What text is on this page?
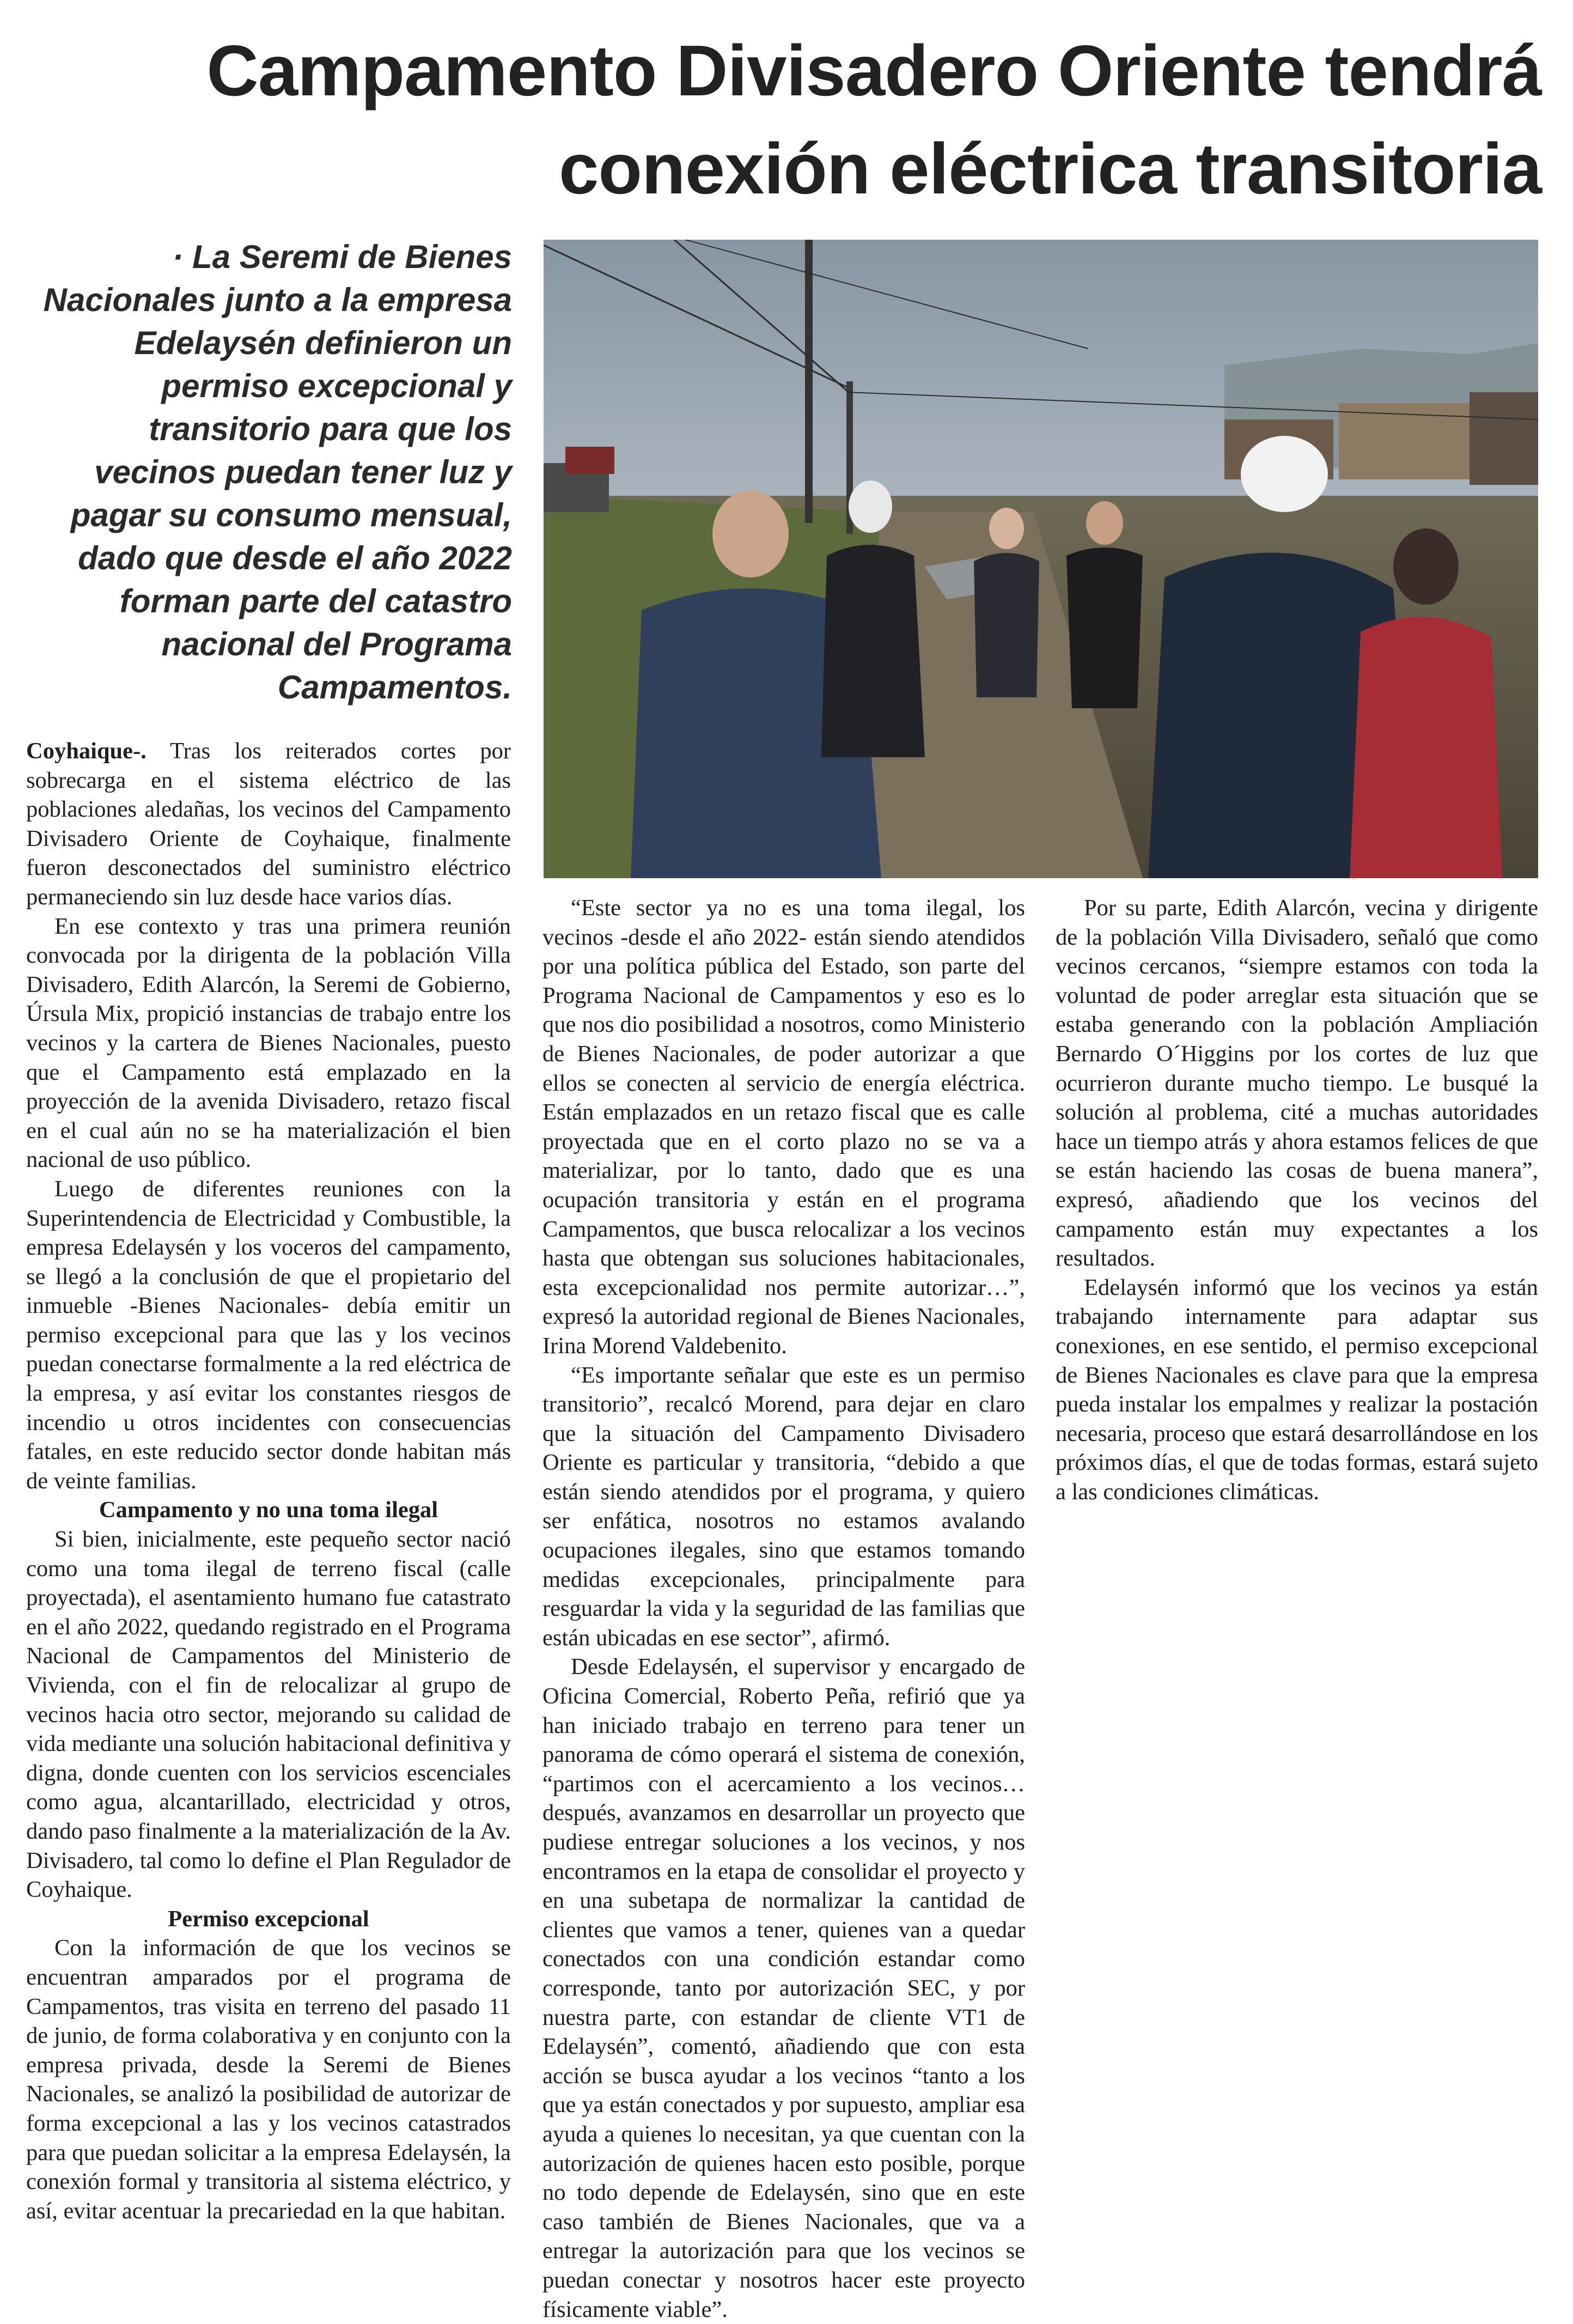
Campamento Divisadero Oriente tendrá
conexión eléctrica transitoria
· La Seremi de Bienes Nacionales junto a la empresa Edelaysén definieron un permiso excepcional y transitorio para que los vecinos puedan tener luz y pagar su consumo mensual, dado que desde el año 2022 forman parte del catastro nacional del Programa Campamentos.

Coyhaique-. Tras los reiterados cortes por sobrecarga en el sistema eléctrico de las poblaciones aledañas, los vecinos del Campamento Divisadero Oriente de Coyhaique, finalmente fueron desconectados del suministro eléctrico permaneciendo sin luz desde hace varios días.

En ese contexto y tras una primera reunión convocada por la dirigenta de la población Villa Divisadero, Edith Alarcón, la Seremi de Gobierno, Úrsula Mix, propició instancias de trabajo entre los vecinos y la cartera de Bienes Nacionales, puesto que el Campamento está emplazado en la proyección de la avenida Divisadero, retazo fiscal en el cual aún no se ha materialización el bien nacional de uso público.

Luego de diferentes reuniones con la Superintendencia de Electricidad y Combustible, la empresa Edelaysén y los voceros del campamento, se llegó a la conclusión de que el propietario del inmueble -Bienes Nacionales- debía emitir un permiso excepcional para que las y los vecinos puedan conectarse formalmente a la red eléctrica de la empresa, y así evitar los constantes riesgos de incendio u otros incidentes con consecuencias fatales, en este reducido sector donde habitan más de veinte familias.

Campamento y no una toma ilegal

Si bien, inicialmente, este pequeño sector nació como una toma ilegal de terreno fiscal (calle proyectada), el asentamiento humano fue catastrato en el año 2022, quedando registrado en el Programa Nacional de Campamentos del Ministerio de Vivienda, con el fin de relocalizar al grupo de vecinos hacia otro sector, mejorando su calidad de vida mediante una solución habitacional definitiva y digna, donde cuenten con los servicios escenciales como agua, alcantarillado, electricidad y otros, dando paso finalmente a la materialización de la Av. Divisadero, tal como lo define el Plan Regulador de Coyhaique.

Permiso excepcional

Con la información de que los vecinos se encuentran amparados por el programa de Campamentos, tras visita en terreno del pasado 11 de junio, de forma colaborativa y en conjunto con la empresa privada, desde la Seremi de Bienes Nacionales, se analizó la posibilidad de autorizar de forma excepcional a las y los vecinos catastrados para que puedan solicitar a la empresa Edelaysén, la conexión formal y transitoria al sistema eléctrico, y así, evitar acentuar la precariedad en la que habitan.

“Este sector ya no es una toma ilegal, los vecinos -desde el año 2022- están siendo atendidos por una política pública del Estado, son parte del Programa Nacional de Campamentos y eso es lo que nos dio posibilidad a nosotros, como Ministerio de Bienes Nacionales, de poder autorizar a que ellos se conecten al servicio de energía eléctrica. Están emplazados en un retazo fiscal que es calle proyectada que en el corto plazo no se va a materializar, por lo tanto, dado que es una ocupación transitoria y están en el programa Campamentos, que busca relocalizar a los vecinos hasta que obtengan sus soluciones habitacionales, esta excepcionalidad nos permite autorizar…”, expresó la autoridad regional de Bienes Nacionales, Irina Morend Valdebenito.

“Es importante señalar que este es un permiso transitorio”, recalcó Morend, para dejar en claro que la situación del Campamento Divisadero Oriente es particular y transitoria, “debido a que están siendo atendidos por el programa, y quiero ser enfática, nosotros no estamos avalando ocupaciones ilegales, sino que estamos tomando medidas excepcionales, principalmente para resguardar la vida y la seguridad de las familias que están ubicadas en ese sector”, afirmó.

Desde Edelaysén, el supervisor y encargado de Oficina Comercial, Roberto Peña, refirió que ya han iniciado trabajo en terreno para tener un panorama de cómo operará el sistema de conexión, “partimos con el acercamiento a los vecinos…después, avanzamos en desarrollar un proyecto que pudiese entregar soluciones a los vecinos, y nos encontramos en la etapa de consolidar el proyecto y en una subetapa de normalizar la cantidad de clientes que vamos a tener, quienes van a quedar conectados con una condición estandar como corresponde, tanto por autorización SEC, y por nuestra parte, con estandar de cliente VT1 de Edelaysén”, comentó, añadiendo que con esta acción se busca ayudar a los vecinos “tanto a los que ya están conectados y por supuesto, ampliar esa ayuda a quienes lo necesitan, ya que cuentan con la autorización de quienes hacen esto posible, porque no todo depende de Edelaysén, sino que en este caso también de Bienes Nacionales, que va a entregar la autorización para que los vecinos se puedan conectar y nosotros hacer este proyecto físicamente viable”.

Por su parte, Edith Alarcón, vecina y dirigente de la población Villa Divisadero, señaló que como vecinos cercanos, “siempre estamos con toda la voluntad de poder arreglar esta situación que se estaba generando con la población Ampliación Bernardo O´Higgins por los cortes de luz que ocurrieron durante mucho tiempo. Le busqué la solución al problema, cité a muchas autoridades hace un tiempo atrás y ahora estamos felices de que se están haciendo las cosas de buena manera”, expresó, añadiendo que los vecinos del campamento están muy expectantes a los resultados.

Edelaysén informó que los vecinos ya están trabajando internamente para adaptar sus conexiones, en ese sentido, el permiso excepcional de Bienes Nacionales es clave para que la empresa pueda instalar los empalmes y realizar la postación necesaria, proceso que estará desarrollándose en los próximos días, el que de todas formas, estará sujeto a las condiciones climáticas.
